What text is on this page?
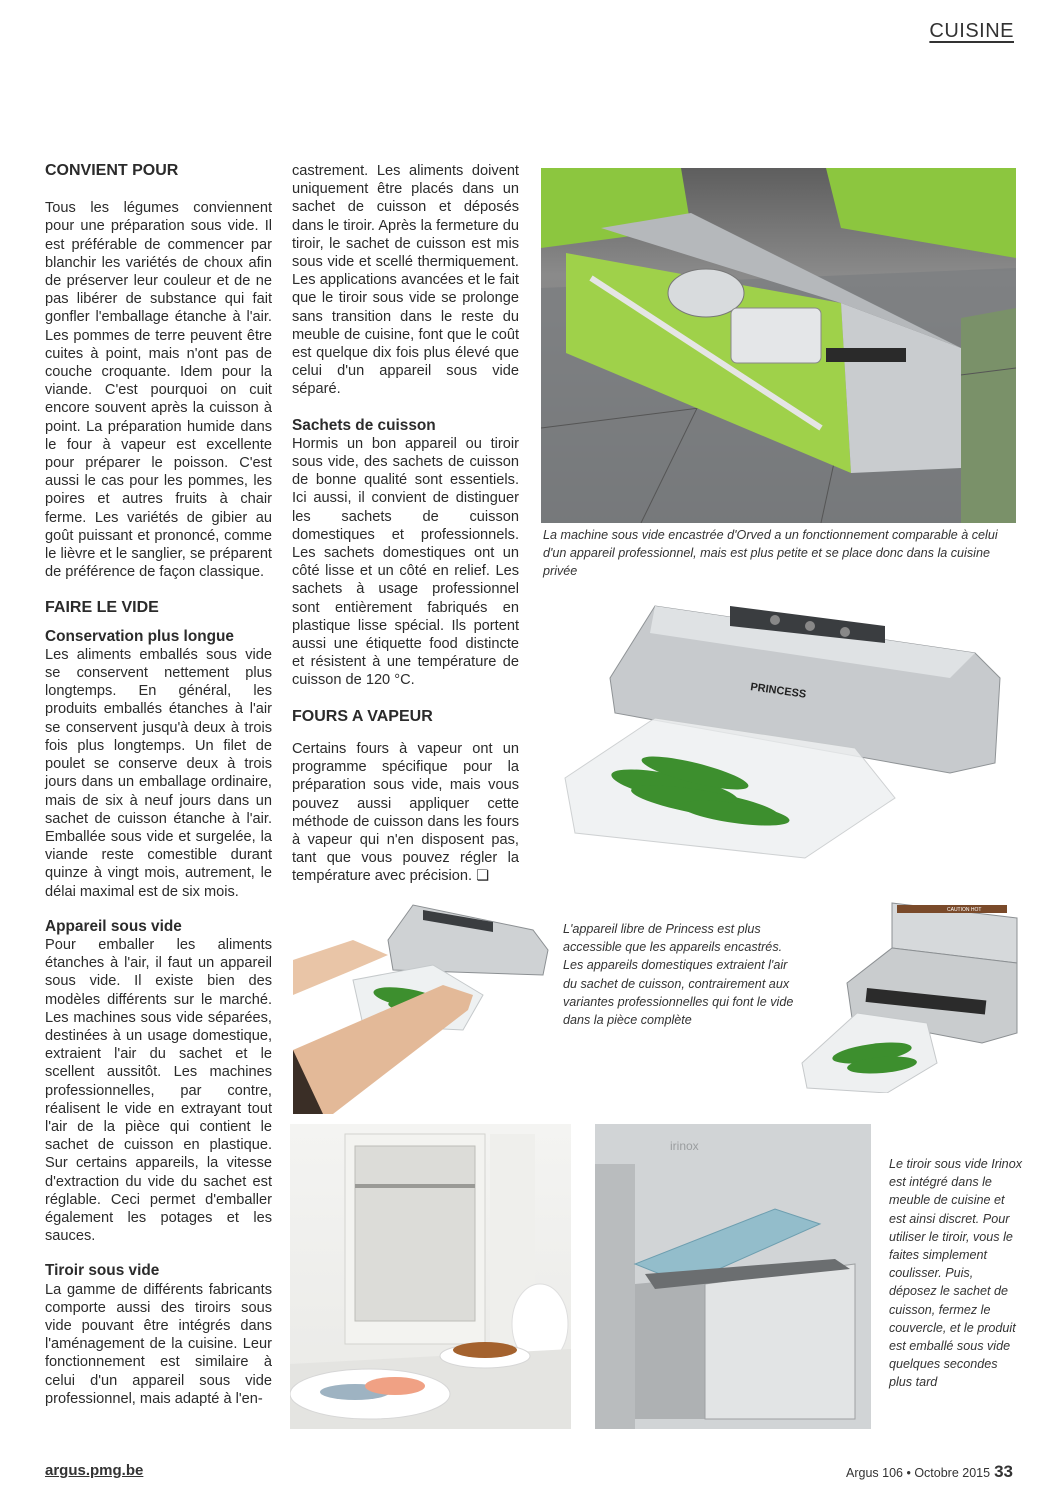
CUISINE

CONVIENT POUR

Tous les légumes conviennent pour une préparation sous vide. Il est préférable de commencer par blanchir les variétés de choux afin de préserver leur couleur et de ne pas libérer de substance qui fait gonfler l'emballage étanche à l'air. Les pommes de terre peuvent être cuites à point, mais n'ont pas de couche croquante. Idem pour la viande. C'est pourquoi on cuit encore souvent après la cuisson à point. La préparation humide dans le four à vapeur est excellente pour préparer le poisson. C'est aussi le cas pour les pommes, les poires et autres fruits à chair ferme. Les variétés de gibier au goût puissant et prononcé, comme le lièvre et le sanglier, se préparent de préférence de façon classique.

FAIRE LE VIDE

Conservation plus longue

Les aliments emballés sous vide se conservent nettement plus longtemps. En général, les produits emballés étanches à l'air se conservent jusqu'à deux à trois fois plus longtemps. Un filet de poulet se conserve deux à trois jours dans un emballage ordinaire, mais de six à neuf jours dans un sachet de cuisson étanche à l'air. Emballée sous vide et surgelée, la viande reste comestible durant quinze à vingt mois, autrement, le délai maximal est de six mois.

Appareil sous vide

Pour emballer les aliments étanches à l'air, il faut un appareil sous vide. Il existe bien des modèles différents sur le marché. Les machines sous vide séparées, destinées à un usage domestique, extraient l'air du sachet et le scellent aussitôt. Les machines professionnelles, par contre, réalisent le vide en extrayant tout l'air de la pièce qui contient le sachet de cuisson en plastique. Sur certains appareils, la vitesse d'extraction du vide du sachet est réglable. Ceci permet d'emballer également les potages et les sauces.

Tiroir sous vide

La gamme de différents fabricants comporte aussi des tiroirs sous vide pouvant être intégrés dans l'aménagement de la cuisine. Leur fonctionnement est similaire à celui d'un appareil sous vide professionnel, mais adapté à l'en-

castrement. Les aliments doivent uniquement être placés dans un sachet de cuisson et déposés dans le tiroir. Après la fermeture du tiroir, le sachet de cuisson est mis sous vide et scellé thermiquement. Les applications avancées et le fait que le tiroir sous vide se prolonge sans transition dans le reste du meuble de cuisine, font que le coût est quelque dix fois plus élevé que celui d'un appareil sous vide séparé.

Sachets de cuisson

Hormis un bon appareil ou tiroir sous vide, des sachets de cuisson de bonne qualité sont essentiels. Ici aussi, il convient de distinguer les sachets de cuisson domestiques et professionnels. Les sachets domestiques ont un côté lisse et un côté en relief. Les sachets à usage professionnel sont entièrement fabriqués en plastique lisse spécial. Ils portent aussi une étiquette food distincte et résistent à une température de cuisson de 120 °C.

FOURS A VAPEUR

Certains fours à vapeur ont un programme spécifique pour la préparation sous vide, mais vous pouvez aussi appliquer cette méthode de cuisson dans les fours à vapeur qui n'en disposent pas, tant que vous pouvez régler la température avec précision. ❏

La machine sous vide encastrée d'Orved a un fonctionnement comparable à celui d'un appareil professionnel, mais est plus petite et se place donc dans la cuisine privée
PRINCESS
L'appareil libre de Princess est plus accessible que les appareils encastrés. Les appareils domestiques extraient l'air du sachet de cuisson, contrairement aux variantes professionnelles qui font le vide dans la pièce complète
CAUTION HOT
irinox
Le tiroir sous vide Irinox est intégré dans le meuble de cuisine et est ainsi discret. Pour utiliser le tiroir, vous le faites simplement coulisser. Puis, déposez le sachet de cuisson, fermez le couvercle, et le produit est emballé sous vide quelques secondes plus tard
argus.pmg.be	Argus 106 • Octobre 2015 33
